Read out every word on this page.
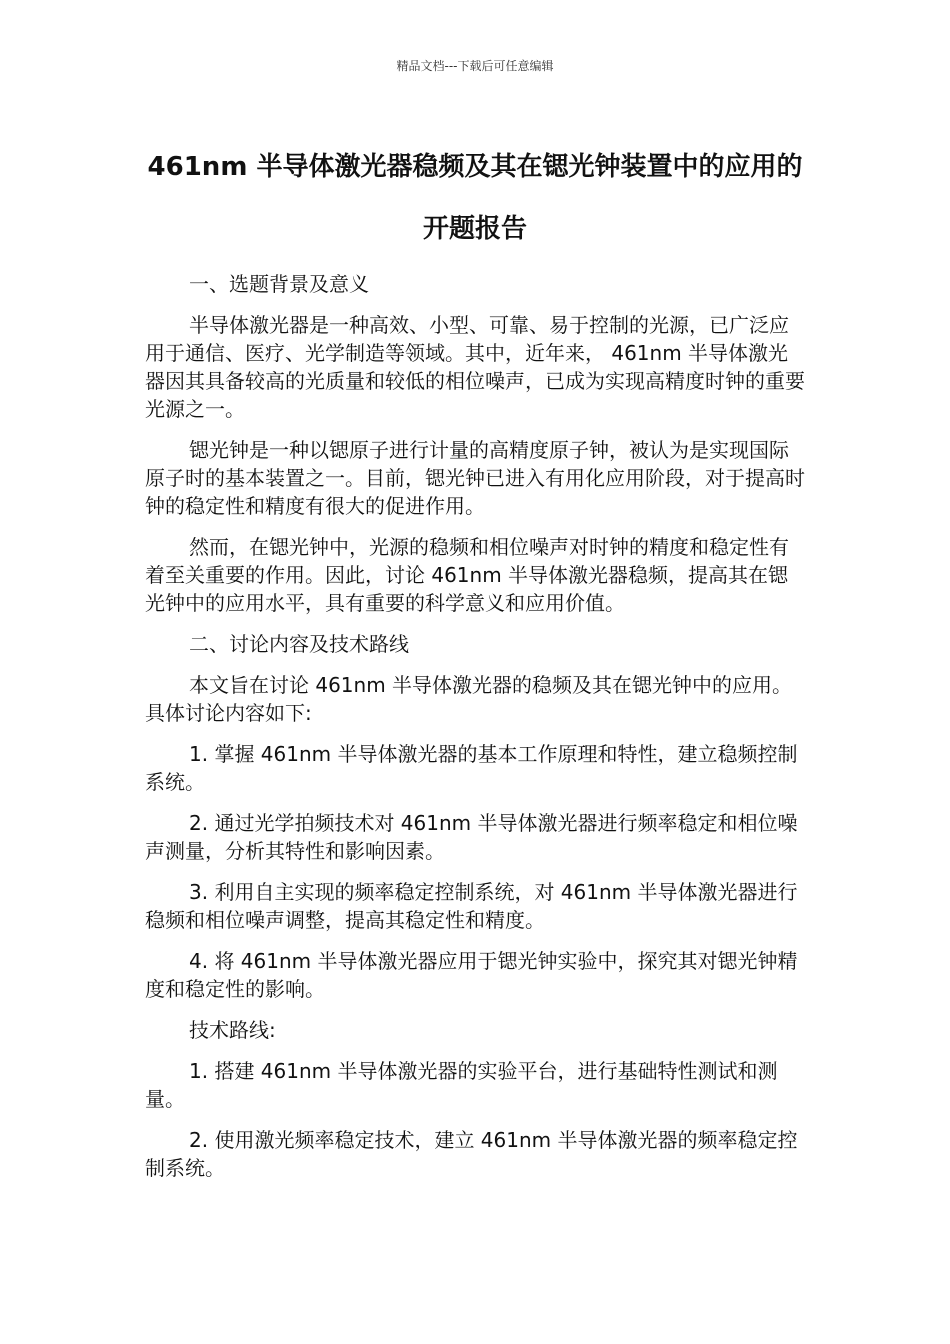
精品文档---下载后可任意编辑
461nm 半导体激光器稳频及其在锶光钟装置中的应用的开题报告

一、选题背景及意义

半导体激光器是一种高效、小型、可靠、易于控制的光源，已广泛应用于通信、医疗、光学制造等领域。其中，近年来， 461nm 半导体激光器因其具备较高的光质量和较低的相位噪声，已成为实现高精度时钟的重要光源之一。

锶光钟是一种以锶原子进行计量的高精度原子钟，被认为是实现国际原子时的基本装置之一。目前，锶光钟已进入有用化应用阶段，对于提高时钟的稳定性和精度有很大的促进作用。

然而，在锶光钟中，光源的稳频和相位噪声对时钟的精度和稳定性有着至关重要的作用。因此，讨论 461nm 半导体激光器稳频，提高其在锶光钟中的应用水平，具有重要的科学意义和应用价值。

二、讨论内容及技术路线

本文旨在讨论 461nm 半导体激光器的稳频及其在锶光钟中的应用。具体讨论内容如下:

1. 掌握 461nm 半导体激光器的基本工作原理和特性，建立稳频控制系统。

2. 通过光学拍频技术对 461nm 半导体激光器进行频率稳定和相位噪声测量，分析其特性和影响因素。

3. 利用自主实现的频率稳定控制系统，对 461nm 半导体激光器进行稳频和相位噪声调整，提高其稳定性和精度。

4. 将 461nm 半导体激光器应用于锶光钟实验中，探究其对锶光钟精度和稳定性的影响。

技术路线:

1. 搭建 461nm 半导体激光器的实验平台，进行基础特性测试和测量。

2. 使用激光频率稳定技术，建立 461nm 半导体激光器的频率稳定控制系统。
